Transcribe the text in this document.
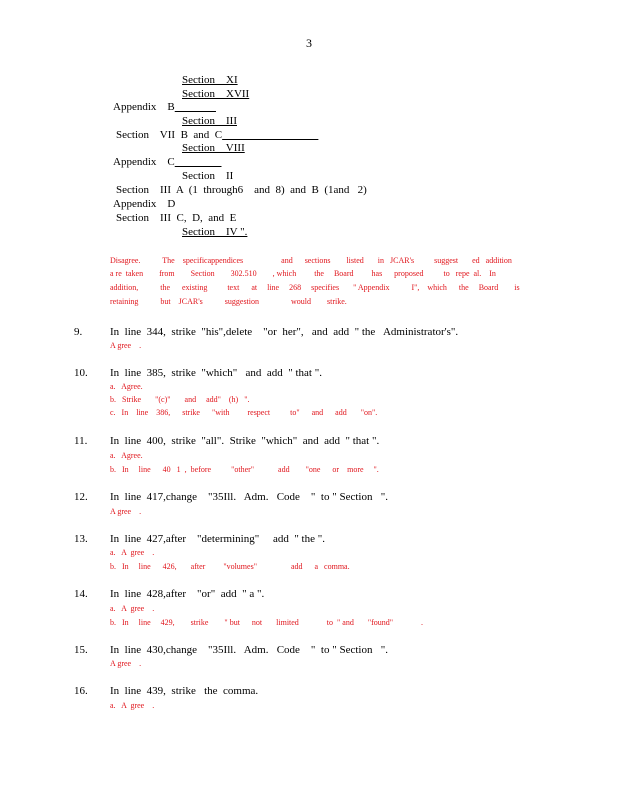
3
Section    XI
Section    XVII
Appendix    B
Section    III
Section    VII  B  and  C
Section    VIII
Appendix    C
Section    II
Section    III  A  (1  through6    and  8)  and  B  (1and   2)
Appendix    D
Section    III  C,  D,  and  E
Section    IV ".
Disagree.           The    specificappendices                   and      sections        listed       in   JCAR's          suggest       ed   addition
a re  taken        from        Section        302.510        , which         the     Board         has      proposed          to   repe  al.    In
addition,           the      existing          text      at     line     268     specifies       " Appendix           I",    which      the     Board        is
retaining           but    JCAR's           suggestion                would        strike.
9.	In  line  344,  strike  "his",delete    "or  her",   and  add  " the   Administrator's".
A gree    .
10. In  line  385,  strike  "which"   and  add  " that ".
a.   Agree.
b.   Strike       "(c)"       and     add"    (h)   ".
c.   In    line    386,      strike      "with         respect          to"      and      add       "on".
11. In  line  400,  strike  "all".  Strike  "which"  and  add  " that ".
a.   Agree.
b.   In     line      40   1  ,  before          "other"            add        "one      or    more     ".
12. In  line  417,change    "35Ill.   Adm.   Code    "  to " Section   ".
A gree    .
13. In  line  427,after    "determining"     add  " the ".
a.   A  gree    .
b.   In     line      426,       after         "volumes"                 add      a   comma.
14. In  line  428,after    "or"  add  " a ".
a.   A  gree    .
b.   In     line     429,        strike        " but      not       limited              to  " and       "found"              .
15. In  line  430,change    "35Ill.   Adm.   Code    "  to " Section   ".
A gree    .
16. In  line  439,  strike   the  comma.
a.   A  gree    .
